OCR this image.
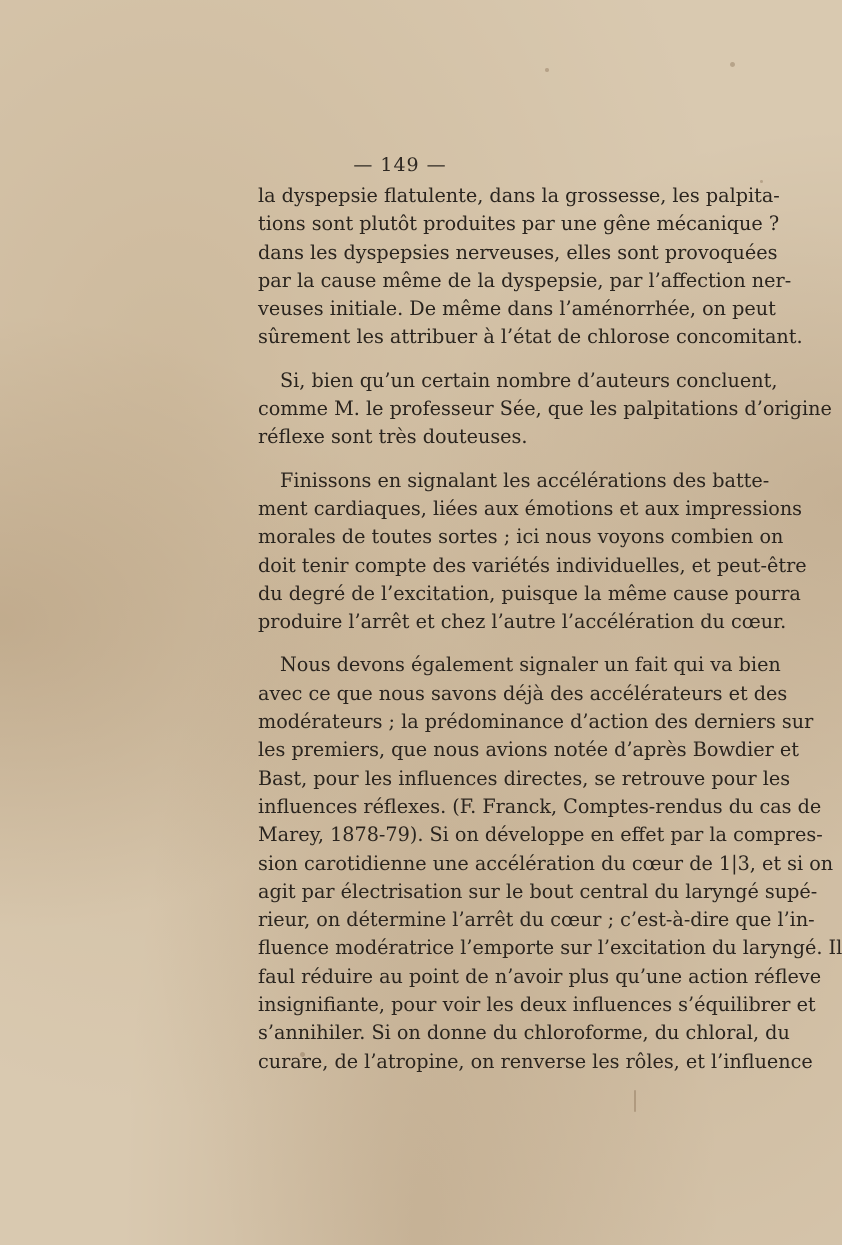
— 149 —
la dyspepsie flatulente, dans la grossesse, les palpita-
tions sont plutôt produites par une gêne mécanique ?
dans les dyspepsies nerveuses, elles sont provoquées
par la cause même de la dyspepsie, par l’affection ner-
veuses initiale. De même dans l’aménorrhée, on peut
sûrement les attribuer à l’état de chlorose concomitant.
Si, bien qu’un certain nombre d’auteurs concluent,
comme M. le professeur Sée, que les palpitations d’origine
réflexe sont très douteuses.
Finissons en signalant les accélérations des batte-
ment cardiaques, liées aux émotions et aux impressions
morales de toutes sortes ; ici nous voyons combien on
doit tenir compte des variétés individuelles, et peut-être
du degré de l’excitation, puisque la même cause pourra
produire l’arrêt et chez l’autre l’accélération du cœur.
Nous devons également signaler un fait qui va bien
avec ce que nous savons déjà des accélérateurs et des
modérateurs ; la prédominance d’action des derniers sur
les premiers, que nous avions notée d’après Bowdier et
Bast, pour les influences directes, se retrouve pour les
influences réflexes. (F. Franck, Comptes-rendus du cas de
Marey, 1878-79). Si on développe en effet par la compres-
sion carotidienne une accélération du cœur de 1|3, et si on
agit par électrisation sur le bout central du laryngé supé-
rieur, on détermine l’arrêt du cœur ; c’est-à-dire que l’in-
fluence modératrice l’emporte sur l’excitation du laryngé. Il
faul réduire au point de n’avoir plus qu’une action réfleve
insignifiante, pour voir les deux influences s’équilibrer et
s’annihiler. Si on donne du chloroforme, du chloral, du
curare, de l’atropine, on renverse les rôles, et l’influence
